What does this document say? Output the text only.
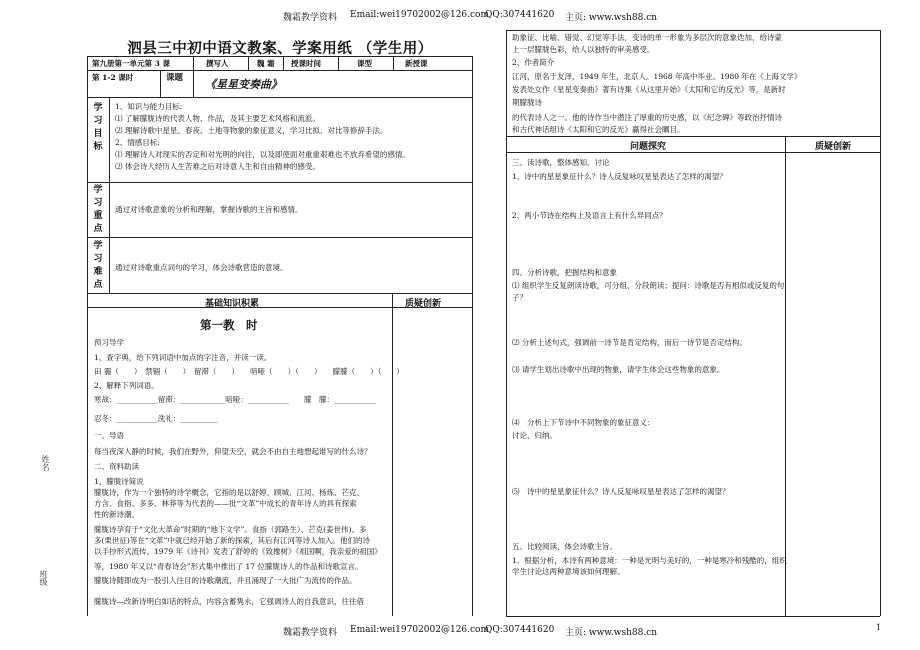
魏霜教学资料 Email:wei19702002@126.com
QQ:307441620 主页: www.wsh88.cn
魏霜教学资料 Email:wei19702002@126.com
QQ:307441620 主页: www.wsh88.cn
1
姓名
班级
泗县三中初中语文教案、学案用纸 （学生用）
第九册第一单元第 3 课	撰写人	魏 霜 授课时间	课型	新授课
第 1-2 课时	课题 《星星变奏曲》
学
习
目
标
1、知识与能力目标:
⑴ 了解朦胧诗的代表人物、作品，及其主要艺术风格和流派。
⑵ 理解诗歌中星星、春夜、土地等物象的象征意义，学习比拟、对比等修辞手法。
2、情感目标:
⑴ 理解诗人对现实的否定和对光明的向往，以及即使面对重重艰难也不放弃希望的感情。
⑵ 体会诗人经历人生苦难之后对诗意人生和自由精神的感受。
学
习
重
点
通过对诗歌意象的分析和理解，掌握诗歌的主旨和感情。
学
习
难
点
通过对诗歌重点词句的学习，体会诗歌营造的意境。
基础知识积累	质疑创新
第一教　时
预习导学
1、查字典，给下列词语中加点的字注音，并读一读。
田 霾（　　）　禁锢（　　）　留滞（　　）　　喑哑（　　）（　　）　　朦朦（　　）（　　）
2、解释下列词语。
寒战：___________留滞：____________喑哑：___________　　朦　朦：___________
忍冬：___________洗礼：__________
一、导语
每当夜深人静的时候，我们在野外，仰望天空，就会不由自主地想起谁写的什么诗？
二、资料助读
1、朦胧诗简说
朦胧诗，作为一个独特的诗学概念，它指的是以舒婷、顾城、江河、杨炼、芒克、
方含、食指、多多、林莽等为代表的——批“文革”中成长的青年诗人的具有探索
性的新诗潮。
朦胧诗孕育于“文化大革命”时期的“地下文学”。食指（郭路生）、芒克(姜世伟)、多
多(栗世征)等在“文革”中就已经开始了新的探索，其后有江河等诗人加入。他们的诗
以手抄形式流传。1979 年《诗刊》发表了舒婷的《致橡树》《祖国啊，我亲爱的祖国》
等，1980 年又以“青春诗会”形式集中推出了 17 位朦胧诗人的作品和诗歌宣言。
朦胧诗随即成为一股引人注目的诗歌潮流，并且涌现了一大批广为流传的作品。
朦胧诗—改新诗明白如话的特点，内容含蓄隽永，它强调诗人的自我意识，往往借
助象征、比喻、错觉、幻觉等手法，变诗的单一形象为多层次的意象迭加，给诗蒙
上一层朦胧色彩，给人以独特的审美感受。
2、作者简介
江河，原名于友泽，1949 年生，北京人。1968 年高中毕业。1980 年在《上海文学》
发表处女作《星星变奏曲》著有诗集《从这里开始》《太阳和它的反光》等，是新时
期朦胧诗
的代表诗人之一。他的诗作当中潜注了厚重的历史感，以《纪念碑》等政治抒情诗
和古代神话组诗《太阳和它的反光》赢得社会瞩目。
问题探究	质疑创新
三、读诗歌，整体感知、讨论
1、诗中的星星象征什么？诗人反复咏叹星星表达了怎样的渴望？
2、两小节诗在结构上及语言上有什么异同点？
四、分析诗歌，把握结构和意象
⑴ 组织学生反复朗读诗歌，可分组、分段朗读；提问：诗歌是否有相似或反复的句
子？
⑵ 分析上述句式，强调前一诗节是肯定结构，而后一诗节是否定结构。
⑶ 请学生划出诗歌中出现的物象，请学生体会这些物象的意象。
⑷　分析上下节诗中不同物象的象征意义：
讨论、归纳。
⑸　诗中的星星象征什么？诗人反复咏叹星星表达了怎样的渴望？
五、比较阅读，体会诗歌主旨。
1、根据分析，本诗有两种意境：一种是光明与美好的，一种是寒冷和残酷的，组织
学生讨论这两种意境该如何理解。
